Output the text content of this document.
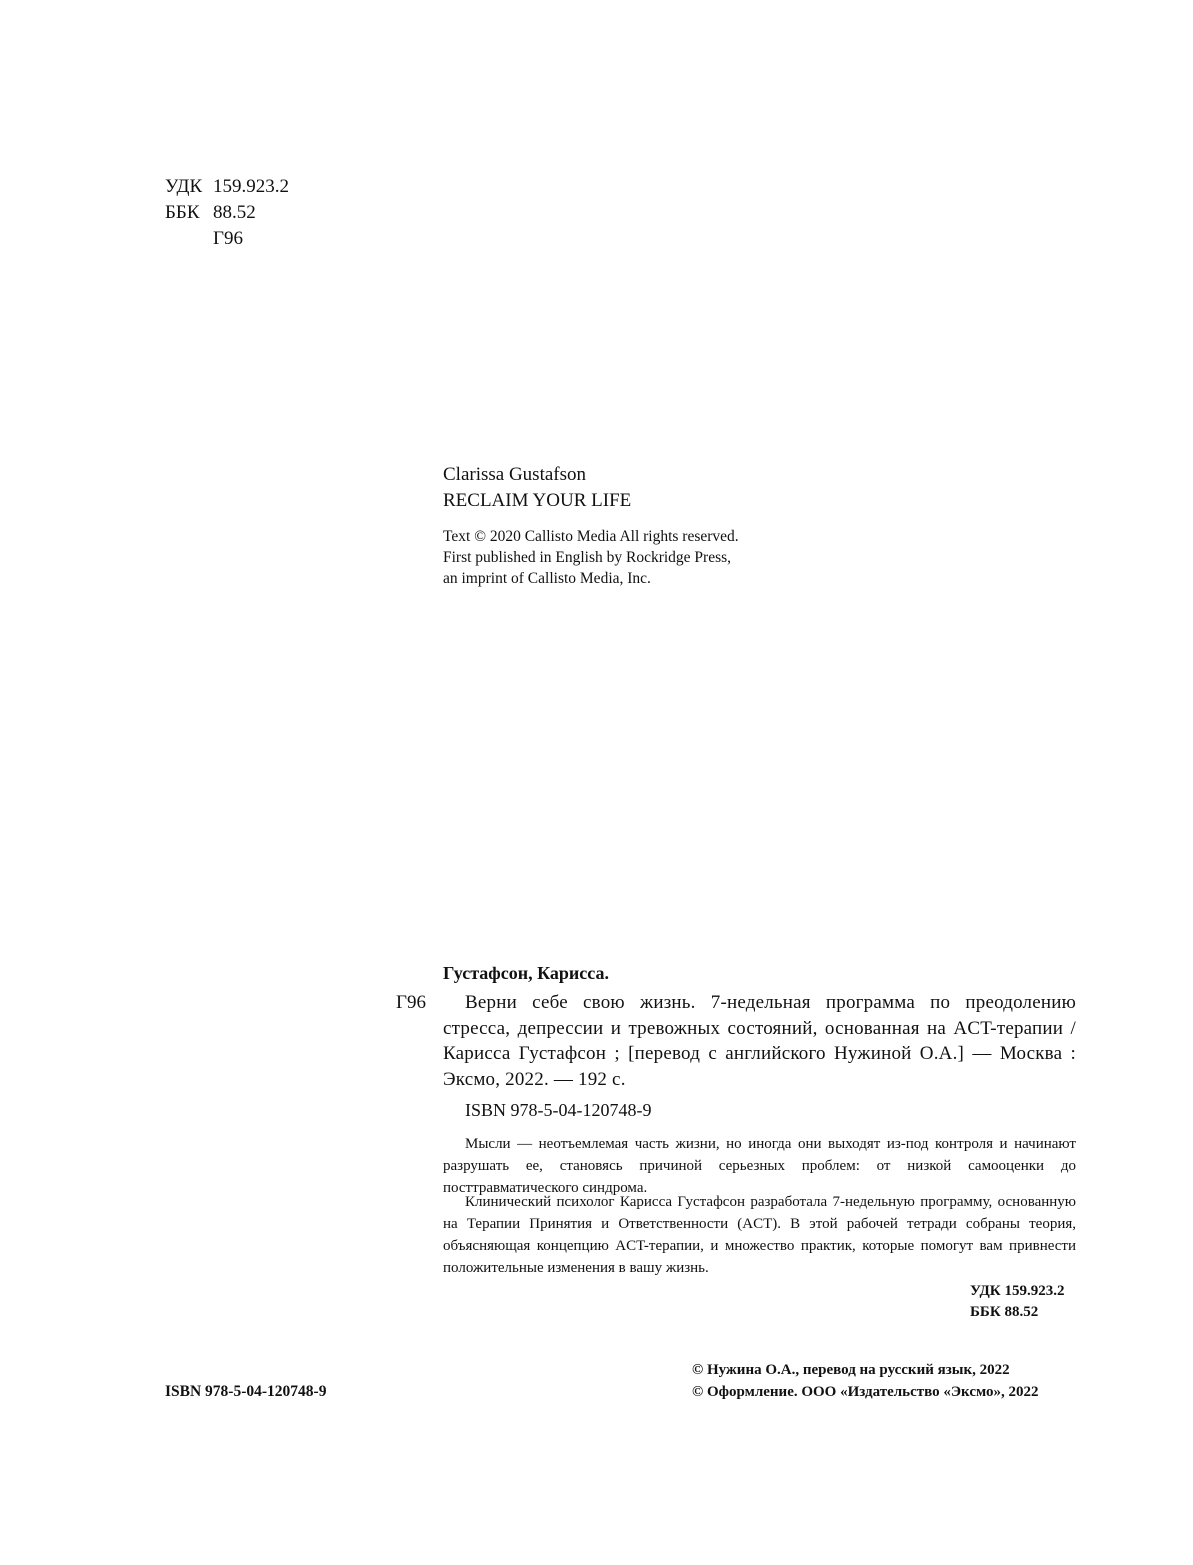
УДК 159.923.2
ББК 88.52
Г96
Clarissa Gustafson
RECLAIM YOUR LIFE
Text © 2020 Callisto Media All rights reserved.
First published in English by Rockridge Press,
an imprint of Callisto Media, Inc.
Густафсон, Карисса.
Г96	Верни себе свою жизнь. 7-недельная программа по преодолению стресса, депрессии и тревожных состояний, основанная на ACT-терапии / Карисса Густафсон ; [перевод с английского Нужиной О.А.] — Москва : Эксмо, 2022. — 192 с.
ISBN 978-5-04-120748-9
Мысли — неотъемлемая часть жизни, но иногда они выходят из-под контроля и начинают разрушать ее, становясь причиной серьезных проблем: от низкой самооценки до посттравматического синдрома.
Клинический психолог Карисса Густафсон разработала 7-недельную программу, основанную на Терапии Принятия и Ответственности (ACT). В этой рабочей тетради собраны теория, объясняющая концепцию ACT-терапии, и множество практик, которые помогут вам привнести положительные изменения в вашу жизнь.
УДК 159.923.2
ББК 88.52
© Нужина О.А., перевод на русский язык, 2022
© Оформление. ООО «Издательство «Эксмо», 2022
ISBN 978-5-04-120748-9
